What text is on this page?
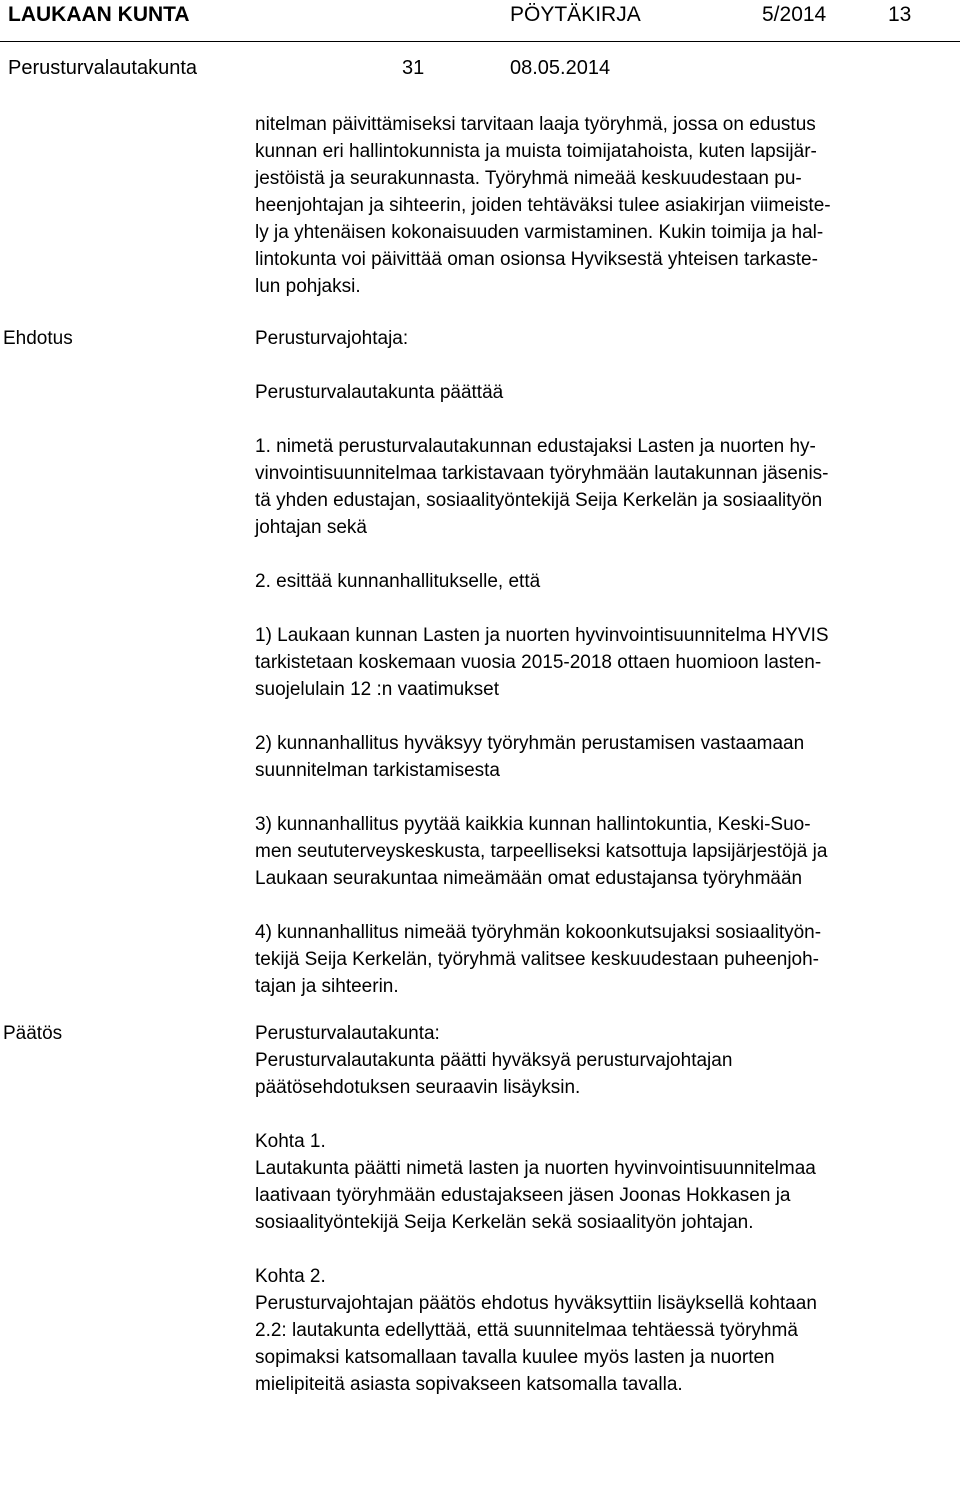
LAUKAAN KUNTA	PÖYTÄKIRJA	5/2014	13
Perusturvalautakunta	31	08.05.2014
nitelman päivittämiseksi tarvitaan laaja työryhmä, jossa on edustus
kunnan eri hallintokunnista ja muista toimijatahoista, kuten lapsijär-
jestöistä ja seurakunnasta. Työryhmä nimeää keskuudestaan pu-
heenjohtajan ja sihteerin, joiden tehtäväksi tulee asiakirjan viimeiste-
ly ja yhtenäisen kokonaisuuden varmistaminen. Kukin toimija ja hal-
lintokunta voi päivittää oman osionsa Hyviksestä yhteisen tarkaste-
lun pohjaksi.
Ehdotus	Perusturvajohtaja:
Perusturvalautakunta päättää
1. nimetä perusturvalautakunnan edustajaksi Lasten ja nuorten hy-
vinvointisuunnitelmaa tarkistavaan työryhmään lautakunnan jäsenis-
tä yhden edustajan, sosiaalityöntekijä Seija Kerkelän ja sosiaalityön
johtajan sekä
2. esittää kunnanhallitukselle, että
1) Laukaan kunnan Lasten ja nuorten hyvinvointisuunnitelma HYVIS
tarkistetaan koskemaan vuosia 2015-2018 ottaen huomioon lasten-
suojelulain 12 :n vaatimukset
2) kunnanhallitus hyväksyy työryhmän perustamisen vastaamaan
suunnitelman tarkistamisesta
3) kunnanhallitus pyytää kaikkia kunnan hallintokuntia, Keski-Suo-
men seututerveyskeskusta, tarpeelliseksi katsottuja lapsijärjestöjä ja
Laukaan seurakuntaa nimeämään omat edustajansa työryhmään
4) kunnanhallitus nimeää työryhmän kokoonkutsujaksi sosiaalityön-
tekijä Seija Kerkelän, työryhmä valitsee keskuudestaan puheenjoh-
tajan ja sihteerin.
Päätös	Perusturvalautakunta:
Perusturvalautakunta päätti hyväksyä perusturvajohtajan
päätösehdotuksen seuraavin lisäyksin.
Kohta 1.
Lautakunta päätti nimetä lasten ja nuorten hyvinvointisuunnitelmaa
laativaan työryhmään edustajakseen jäsen Joonas Hokkasen ja
sosiaalityöntekijä Seija Kerkelän sekä sosiaalityön johtajan.
Kohta 2.
Perusturvajohtajan päätös ehdotus hyväksyttiin lisäyksellä kohtaan
2.2: lautakunta edellyttää, että suunnitelmaa tehtäessä työryhmä
sopimaksi katsomallaan tavalla kuulee myös lasten ja nuorten
mielipiteitä asiasta sopivakseen katsomalla tavalla.
